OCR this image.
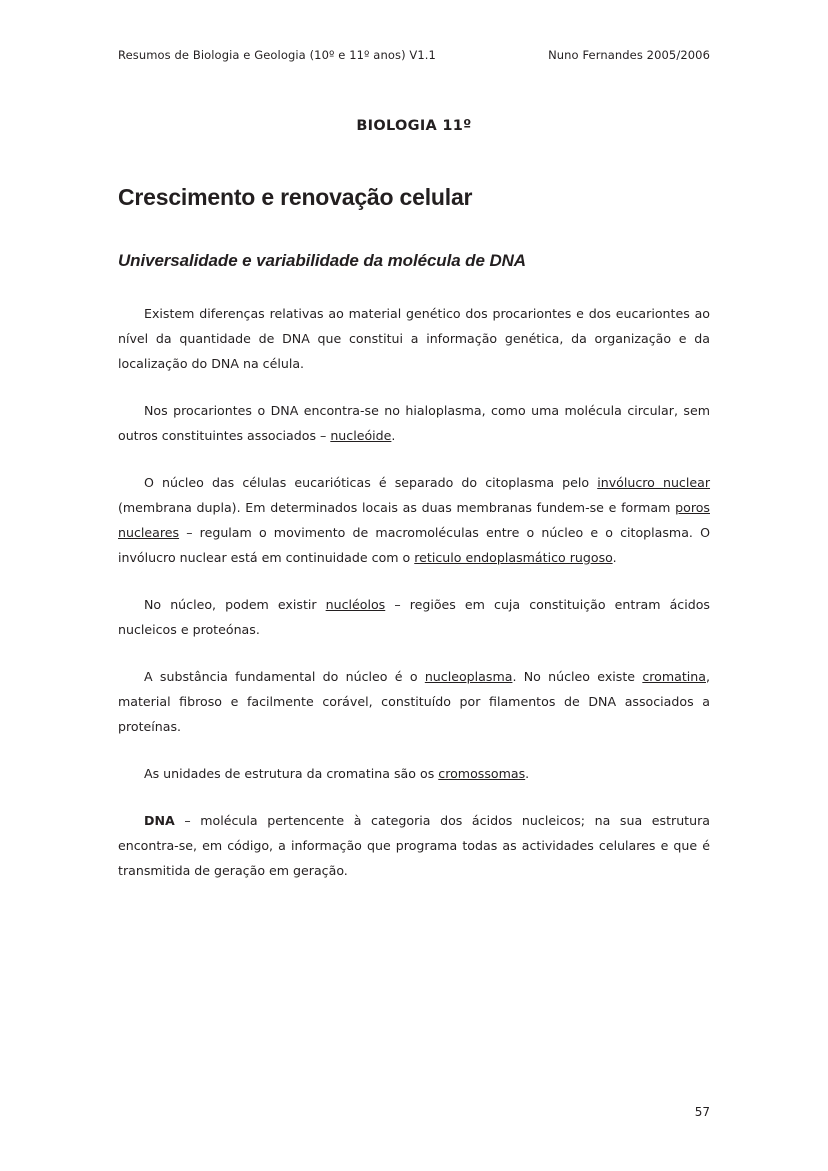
Resumos de Biologia e Geologia (10º e 11º anos) V1.1	Nuno Fernandes 2005/2006
BIOLOGIA 11º
Crescimento e renovação celular
Universalidade e variabilidade da molécula de DNA

Existem diferenças relativas ao material genético dos procariontes e dos eucariontes ao nível da quantidade de DNA que constitui a informação genética, da organização e da localização do DNA na célula.

Nos procariontes o DNA encontra-se no hialoplasma, como uma molécula circular, sem outros constituintes associados – nucleóide.

O núcleo das células eucarióticas é separado do citoplasma pelo invólucro nuclear (membrana dupla). Em determinados locais as duas membranas fundem-se e formam poros nucleares – regulam o movimento de macromoléculas entre o núcleo e o citoplasma. O invólucro nuclear está em continuidade com o reticulo endoplasmático rugoso.

No núcleo, podem existir nucléolos – regiões em cuja constituição entram ácidos nucleicos e proteónas.

A substância fundamental do núcleo é o nucleoplasma. No núcleo existe cromatina, material fibroso e facilmente corável, constituído por filamentos de DNA associados a proteínas.

As unidades de estrutura da cromatina são os cromossomas.

DNA – molécula pertencente à categoria dos ácidos nucleicos; na sua estrutura encontra-se, em código, a informação que programa todas as actividades celulares e que é transmitida de geração em geração.

57
